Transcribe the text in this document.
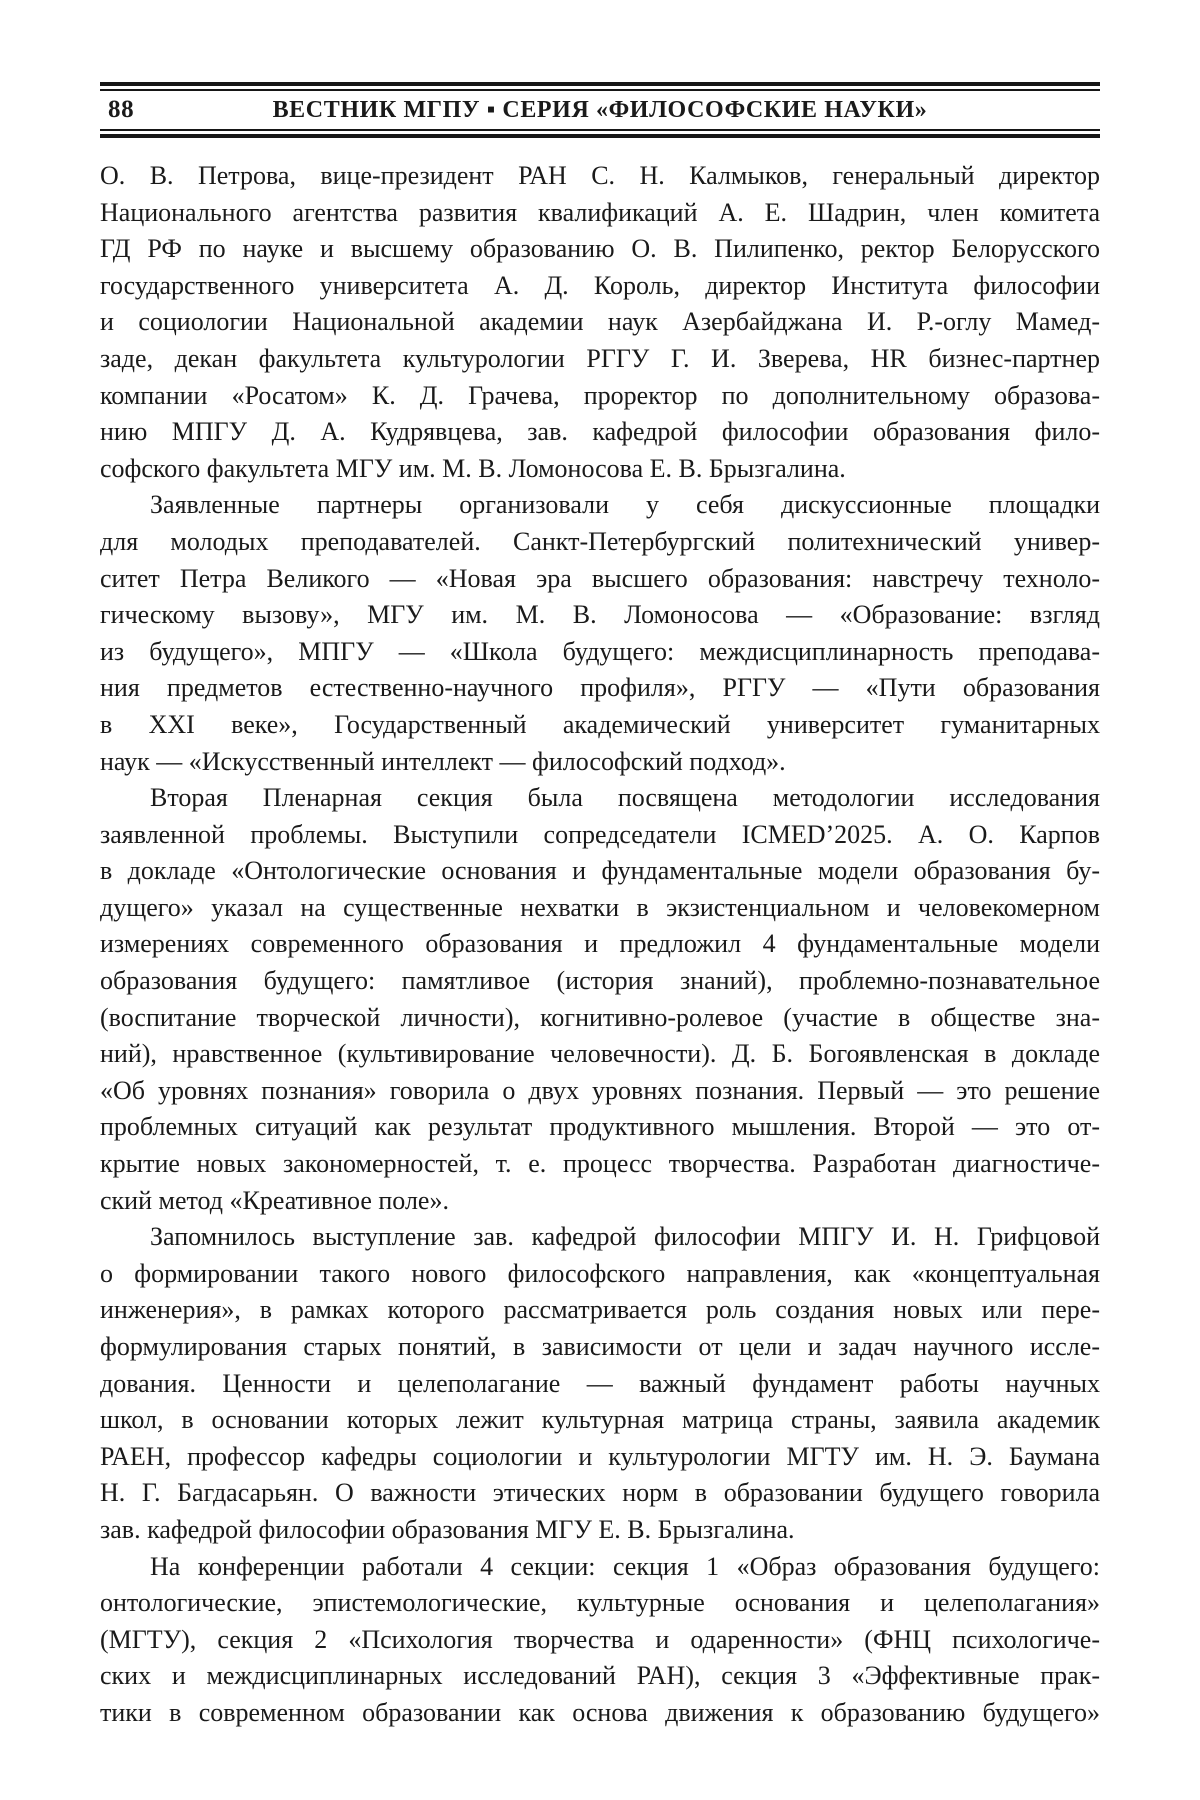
88	ВЕСТНИК МГПУ ▪ СЕРИЯ «ФИЛОСОФСКИЕ НАУКИ»
О. В. Петрова, вице-президент РАН С. Н. Калмыков, генеральный директор
Национального агентства развития квалификаций А. Е. Шадрин, член комитета
ГД РФ по науке и высшему образованию О. В. Пилипенко, ректор Белорусского
государственного университета А. Д. Король, директор Института философии
и социологии Национальной академии наук Азербайджана И. Р.-оглу Мамед-
заде, декан факультета культурологии РГГУ Г. И. Зверева, HR бизнес-партнер
компании «Росатом» К. Д. Грачева, проректор по дополнительному образова-
нию МПГУ Д. А. Кудрявцева, зав. кафедрой философии образования фило-
софского факультета МГУ им. М. В. Ломоносова Е. В. Брызгалина.
Заявленные партнеры организовали у себя дискуссионные площадки
для молодых преподавателей. Санкт-Петербургский политехнический универ-
ситет Петра Великого — «Новая эра высшего образования: навстречу техноло-
гическому вызову», МГУ им. М. В. Ломоносова — «Образование: взгляд
из будущего», МПГУ — «Школа будущего: междисциплинарность преподава-
ния предметов естественно-научного профиля», РГГУ — «Пути образования
в XXI веке», Государственный академический университет гуманитарных
наук — «Искусственный интеллект — философский подход».
Вторая Пленарная секция была посвящена методологии исследования
заявленной проблемы. Выступили сопредседатели ICMED’2025. А. О. Карпов
в докладе «Онтологические основания и фундаментальные модели образования бу-
дущего» указал на существенные нехватки в экзистенциальном и человекомерном
измерениях современного образования и предложил 4 фундаментальные модели
образования будущего: памятливое (история знаний), проблемно-познавательное
(воспитание творческой личности), когнитивно-ролевое (участие в обществе зна-
ний), нравственное (культивирование человечности). Д. Б. Богоявленская в докладе
«Об уровнях познания» говорила о двух уровнях познания. Первый — это решение
проблемных ситуаций как результат продуктивного мышления. Второй — это от-
крытие новых закономерностей, т. е. процесс творчества. Разработан диагностиче-
ский метод «Креативное поле».
Запомнилось выступление зав. кафедрой философии МПГУ И. Н. Грифцовой
о формировании такого нового философского направления, как «концептуальная
инженерия», в рамках которого рассматривается роль создания новых или пере-
формулирования старых понятий, в зависимости от цели и задач научного иссле-
дования. Ценности и целеполагание — важный фундамент работы научных
школ, в основании которых лежит культурная матрица страны, заявила академик
РАЕН, профессор кафедры социологии и культурологии МГТУ им. Н. Э. Баумана
Н. Г. Багдасарьян. О важности этических норм в образовании будущего говорила
зав. кафедрой философии образования МГУ Е. В. Брызгалина.
На конференции работали 4 секции: секция 1 «Образ образования будущего:
онтологические, эпистемологические, культурные основания и целеполагания»
(МГТУ), секция 2 «Психология творчества и одаренности» (ФНЦ психологиче-
ских и междисциплинарных исследований РАН), секция 3 «Эффективные прак-
тики в современном образовании как основа движения к образованию будущего»
